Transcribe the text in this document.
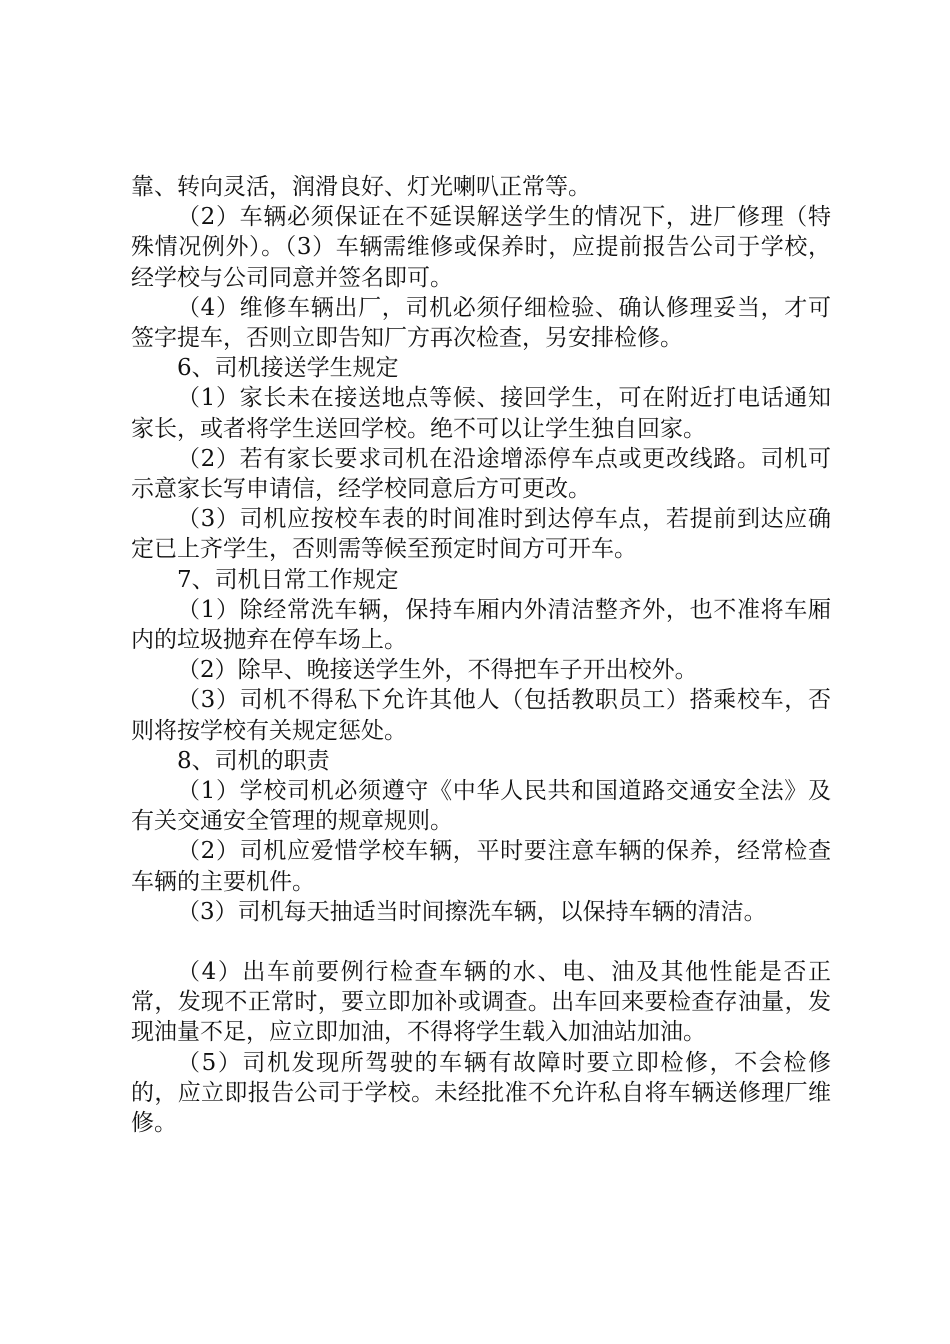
靠、转向灵活，润滑良好、灯光喇叭正常等。

（2）车辆必须保证在不延误解送学生的情况下，进厂修理（特殊情况例外）。（3）车辆需维修或保养时，应提前报告公司于学校，经学校与公司同意并签名即可。

（4）维修车辆出厂，司机必须仔细检验、确认修理妥当，才可签字提车，否则立即告知厂方再次检查，另安排检修。

6、司机接送学生规定

（1）家长未在接送地点等候、接回学生，可在附近打电话通知家长，或者将学生送回学校。绝不可以让学生独自回家。

（2）若有家长要求司机在沿途增添停车点或更改线路。司机可示意家长写申请信，经学校同意后方可更改。

（3）司机应按校车表的时间准时到达停车点，若提前到达应确定已上齐学生，否则需等候至预定时间方可开车。

7、司机日常工作规定

（1）除经常洗车辆，保持车厢内外清洁整齐外，也不准将车厢内的垃圾抛弃在停车场上。

（2）除早、晚接送学生外，不得把车子开出校外。

（3）司机不得私下允许其他人（包括教职员工）搭乘校车，否则将按学校有关规定惩处。

8、司机的职责

（1）学校司机必须遵守《中华人民共和国道路交通安全法》及有关交通安全管理的规章规则。

（2）司机应爱惜学校车辆，平时要注意车辆的保养，经常检查车辆的主要机件。

（3）司机每天抽适当时间擦洗车辆，以保持车辆的清洁。

（4）出车前要例行检查车辆的水、电、油及其他性能是否正常，发现不正常时，要立即加补或调查。出车回来要检查存油量，发现油量不足，应立即加油，不得将学生载入加油站加油。

（5）司机发现所驾驶的车辆有故障时要立即检修，不会检修的，应立即报告公司于学校。未经批准不允许私自将车辆送修理厂维修。
